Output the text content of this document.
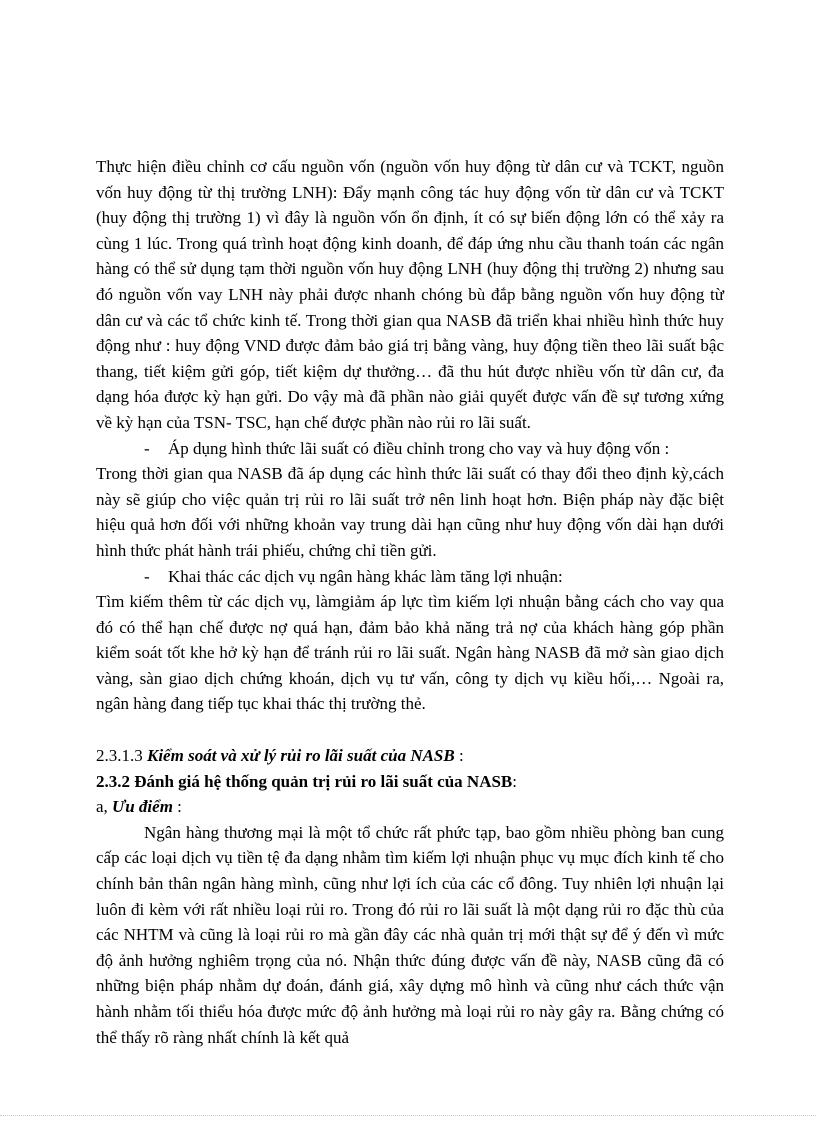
Thực hiện điều chỉnh cơ cấu nguồn vốn (nguồn vốn huy động từ dân cư và TCKT, nguồn vốn huy động từ thị trường LNH): Đẩy mạnh công tác huy động vốn từ dân cư và TCKT (huy động thị trường 1) vì đây là nguồn vốn ổn định, ít có sự biến động lớn có thể xảy ra cùng 1 lúc. Trong quá trình hoạt động kinh doanh, để đáp ứng nhu cầu thanh toán các ngân hàng có thể sử dụng tạm thời nguồn vốn huy động LNH (huy động thị trường 2) nhưng sau đó nguồn vốn vay LNH này phải được nhanh chóng bù đắp bằng nguồn vốn huy động từ dân cư và các tổ chức kinh tế. Trong thời gian qua NASB đã triển khai nhiều hình thức huy động như : huy động VND được đảm bảo giá trị bằng vàng, huy động tiền theo lãi suất bậc thang, tiết kiệm gửi góp, tiết kiệm dự thưởng… đã thu hút được nhiều vốn từ dân cư, đa dạng hóa được kỳ hạn gửi. Do vậy mà đã phần nào giải quyết được vấn đề sự tương xứng về kỳ hạn của TSN- TSC, hạn chế được phần nào rủi ro lãi suất.

- Áp dụng hình thức lãi suất có điều chỉnh trong cho vay và huy động vốn :

Trong thời gian qua NASB đã áp dụng các hình thức lãi suất có thay đổi theo định kỳ,cách này sẽ giúp cho việc quản trị rủi ro lãi suất trở nên linh hoạt hơn. Biện pháp này đặc biệt hiệu quả hơn đối với những khoản vay trung dài hạn cũng như huy động vốn dài hạn dưới hình thức phát hành trái phiếu, chứng chỉ tiền gửi.

- Khai thác các dịch vụ ngân hàng khác làm tăng lợi nhuận:

Tìm kiếm thêm từ các dịch vụ, làmgiảm áp lực tìm kiếm lợi nhuận bằng cách cho vay qua đó có thể hạn chế được nợ quá hạn, đảm bảo khả năng trả nợ của khách hàng góp phần kiểm soát tốt khe hở kỳ hạn để tránh rủi ro lãi suất. Ngân hàng NASB đã mở sàn giao dịch vàng, sàn giao dịch chứng khoán, dịch vụ tư vấn, công ty dịch vụ kiều hối,… Ngoài ra, ngân hàng đang tiếp tục khai thác thị trường thẻ.

2.3.1.3 Kiểm soát và xử lý rủi ro lãi suất của NASB :

2.3.2 Đánh giá hệ thống quản trị rủi ro lãi suất của NASB:

a, Ưu điểm :

Ngân hàng thương mại là một tổ chức rất phức tạp, bao gồm nhiều phòng ban cung cấp các loại dịch vụ tiền tệ đa dạng nhằm tìm kiếm lợi nhuận phục vụ mục đích kinh tế cho chính bản thân ngân hàng mình, cũng như lợi ích của các cổ đông. Tuy nhiên lợi nhuận lại luôn đi kèm với rất nhiều loại rủi ro. Trong đó rủi ro lãi suất là một dạng rủi ro đặc thù của các NHTM và cũng là loại rủi ro mà gần đây các nhà quản trị mới thật sự để ý đến vì mức độ ảnh hưởng nghiêm trọng của nó. Nhận thức đúng được vấn đề này, NASB cũng đã có những biện pháp nhằm dự đoán, đánh giá, xây dựng mô hình và cũng như cách thức vận hành nhằm tối thiểu hóa được mức độ ảnh hưởng mà loại rủi ro này gây ra. Bằng chứng có thể thấy rõ ràng nhất chính là kết quả
